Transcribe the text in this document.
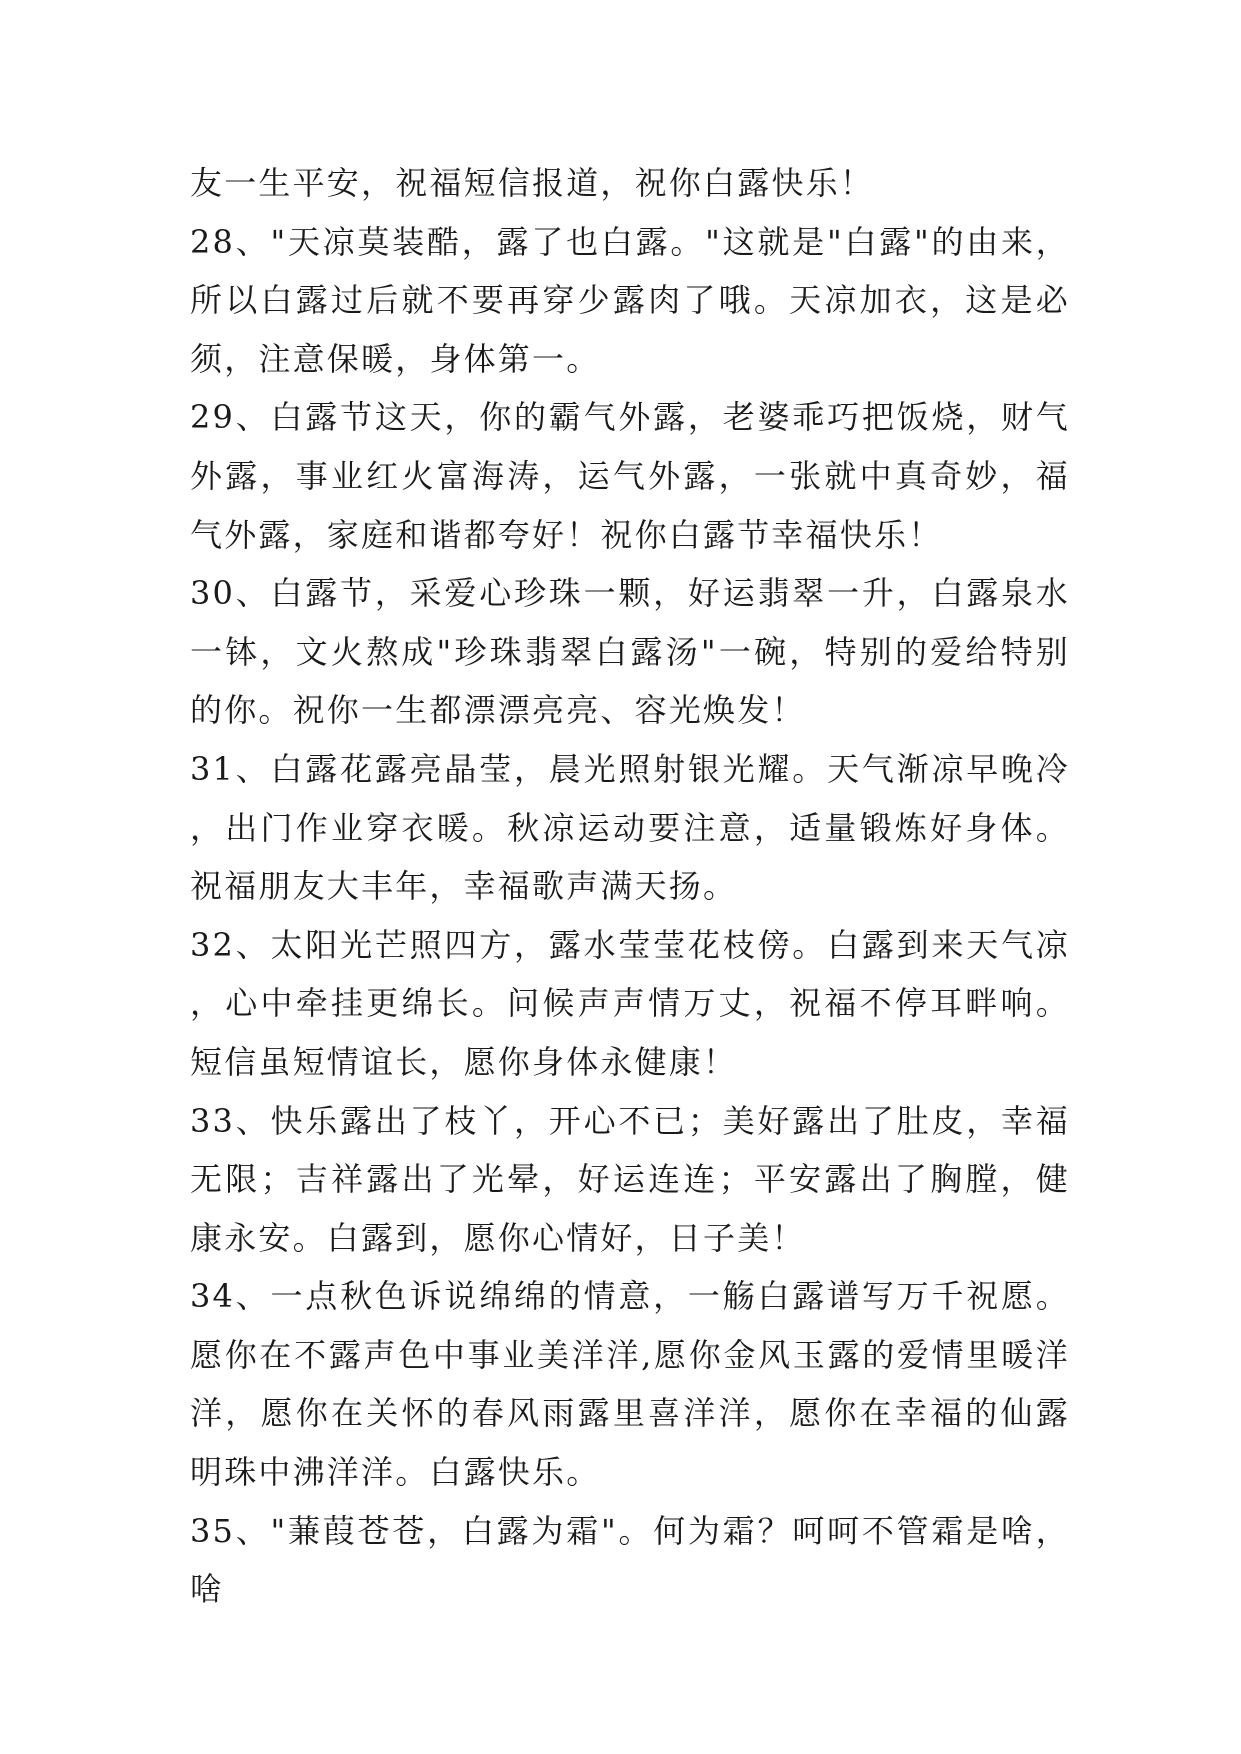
友一生平安，祝福短信报道，祝你白露快乐！

28、"天凉莫装酷，露了也白露。"这就是"白露"的由来，所以白露过后就不要再穿少露肉了哦。天凉加衣，这是必须，注意保暖，身体第一。

29、白露节这天，你的霸气外露，老婆乖巧把饭烧，财气外露，事业红火富海涛，运气外露，一张就中真奇妙，福气外露，家庭和谐都夸好！祝你白露节幸福快乐！

30、白露节，采爱心珍珠一颗，好运翡翠一升，白露泉水一钵，文火熬成"珍珠翡翠白露汤"一碗，特别的爱给特别的你。祝你一生都漂漂亮亮、容光焕发！

31、白露花露亮晶莹，晨光照射银光耀。天气渐凉早晚冷，出门作业穿衣暖。秋凉运动要注意，适量锻炼好身体。祝福朋友大丰年，幸福歌声满天扬。

32、太阳光芒照四方，露水莹莹花枝傍。白露到来天气凉，心中牵挂更绵长。问候声声情万丈，祝福不停耳畔响。短信虽短情谊长，愿你身体永健康！

33、快乐露出了枝丫，开心不已；美好露出了肚皮，幸福无限；吉祥露出了光晕，好运连连；平安露出了胸膛，健康永安。白露到，愿你心情好，日子美！

34、一点秋色诉说绵绵的情意，一觞白露谱写万千祝愿。愿你在不露声色中事业美洋洋,愿你金风玉露的爱情里暖洋洋，愿你在关怀的春风雨露里喜洋洋，愿你在幸福的仙露明珠中沸洋洋。白露快乐。

35、"蒹葭苍苍，白露为霜"。何为霜？呵呵不管霜是啥，啥
